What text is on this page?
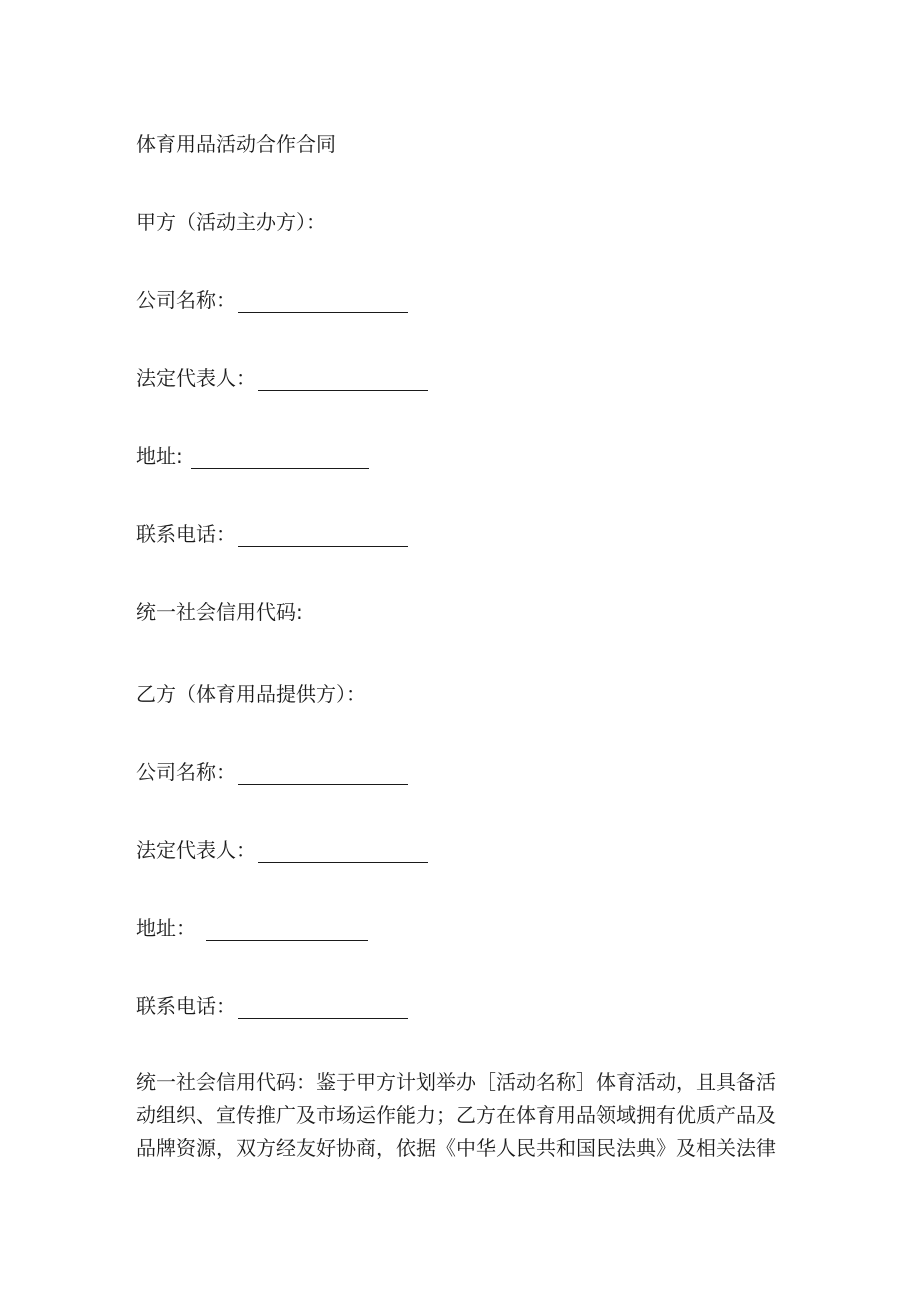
体育用品活动合作合同
甲方（活动主办方）：
公司名称：
法定代表人：
地址:
联系电话：
统一社会信用代码:
乙方（体育用品提供方）：
公司名称：
法定代表人：
地址：
联系电话：
统一社会信用代码：鉴于甲方计划举办［活动名称］体育活动，且具备活
动组织、宣传推广及市场运作能力；乙方在体育用品领域拥有优质产品及
品牌资源，双方经友好协商，依据《中华人民共和国民法典》及相关法律
